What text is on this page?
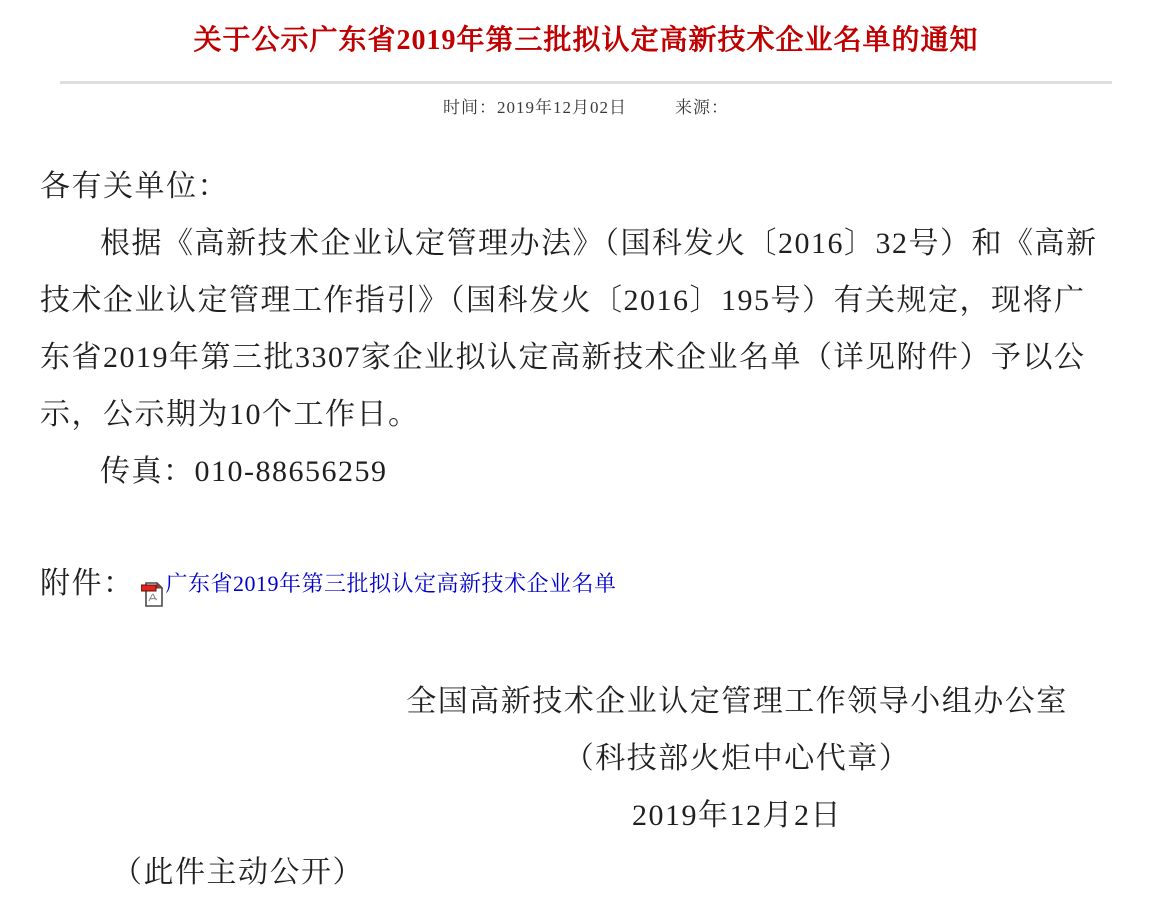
关于公示广东省2019年第三批拟认定高新技术企业名单的通知
时间：2019年12月02日	来源：
各有关单位：
根据《高新技术企业认定管理办法》（国科发火〔2016〕32号）和《高新
技术企业认定管理工作指引》（国科发火〔2016〕195号）有关规定，现将广
东省2019年第三批3307家企业拟认定高新技术企业名单（详见附件）予以公
示，公示期为10个工作日。
传真：010-88656259
附件： 广东省2019年第三批拟认定高新技术企业名单
全国高新技术企业认定管理工作领导小组办公室
（科技部火炬中心代章）
2019年12月2日
（此件主动公开）
